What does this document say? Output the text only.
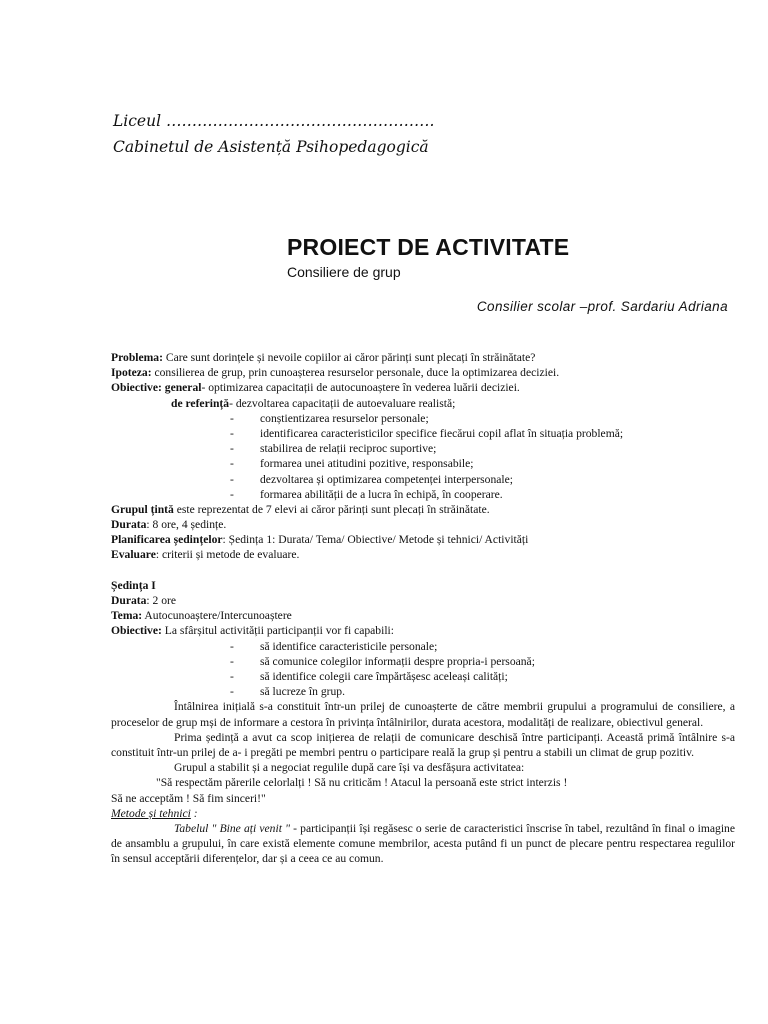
Liceul …………………………………………….
Cabinetul de Asistență Psihopedagogică
PROIECT DE ACTIVITATE
Consiliere de grup
Consilier scolar –prof. Sardariu Adriana
Problema: Care sunt dorințele și nevoile copiilor ai căror părinți sunt plecați în străinătate?
Ipoteza: consilierea de grup, prin cunoașterea resurselor personale, duce la optimizarea deciziei.
Obiective: general- optimizarea capacitații de autocunoaștere în vederea luării deciziei.
de referință- dezvoltarea capacitații de autoevaluare realistă;
- conștientizarea resurselor personale;
- identificarea caracteristicilor specifice fiecărui copil aflat în situația problemă;
- stabilirea de relații reciproc suportive;
- formarea unei atitudini pozitive, responsabile;
- dezvoltarea și optimizarea competenței interpersonale;
- formarea abilității de a lucra în echipă, în cooperare.
Grupul țintă este reprezentat de 7 elevi ai căror părinți sunt plecați în străinătate.
Durata: 8 ore, 4 ședințe.
Planificarea ședințelor: Ședința 1: Durata/ Tema/ Obiective/ Metode și tehnici/ Activități
Evaluare: criterii și metode de evaluare.
Ședința I
Durata: 2 ore
Tema: Autocunoaștere/Intercunoaștere
Obiective: La sfârșitul activității participanții vor fi capabili:
- să identifice caracteristicile personale;
- să comunice colegilor informații despre propria-i persoană;
- să identifice colegii care împărtășesc aceleași calități;
- să lucreze în grup.
Întâlnirea inițială s-a constituit într-un prilej de cunoașterte de către membrii grupului a programului de consiliere, a proceselor de grup mși de informare a cestora în privința întâlnirilor, durata acestora, modalități de realizare, obiectivul general.
Prima ședință a avut ca scop inițierea de relații de comunicare deschisă între participanți. Această primă întâlnire s-a constituit într-un prilej de a- i pregăti pe membri pentru o participare reală la grup și pentru a stabili un climat de grup pozitiv.
Grupul a stabilit și a negociat regulile după care își va desfășura activitatea:
"Să respectăm părerile celorlalți ! Să nu criticăm ! Atacul la persoană este strict interzis !
Să ne acceptăm ! Să fim sinceri!"
Metode și tehnici :
Tabelul " Bine ați venit " - participanții își regăsesc o serie de caracteristici înscrise în tabel, rezultând în final o imagine de ansamblu a grupului, în care există elemente comune membrilor, acesta putând fi un punct de plecare pentru respectarea regulilor în sensul acceptării diferențelor, dar și a ceea ce au comun.
